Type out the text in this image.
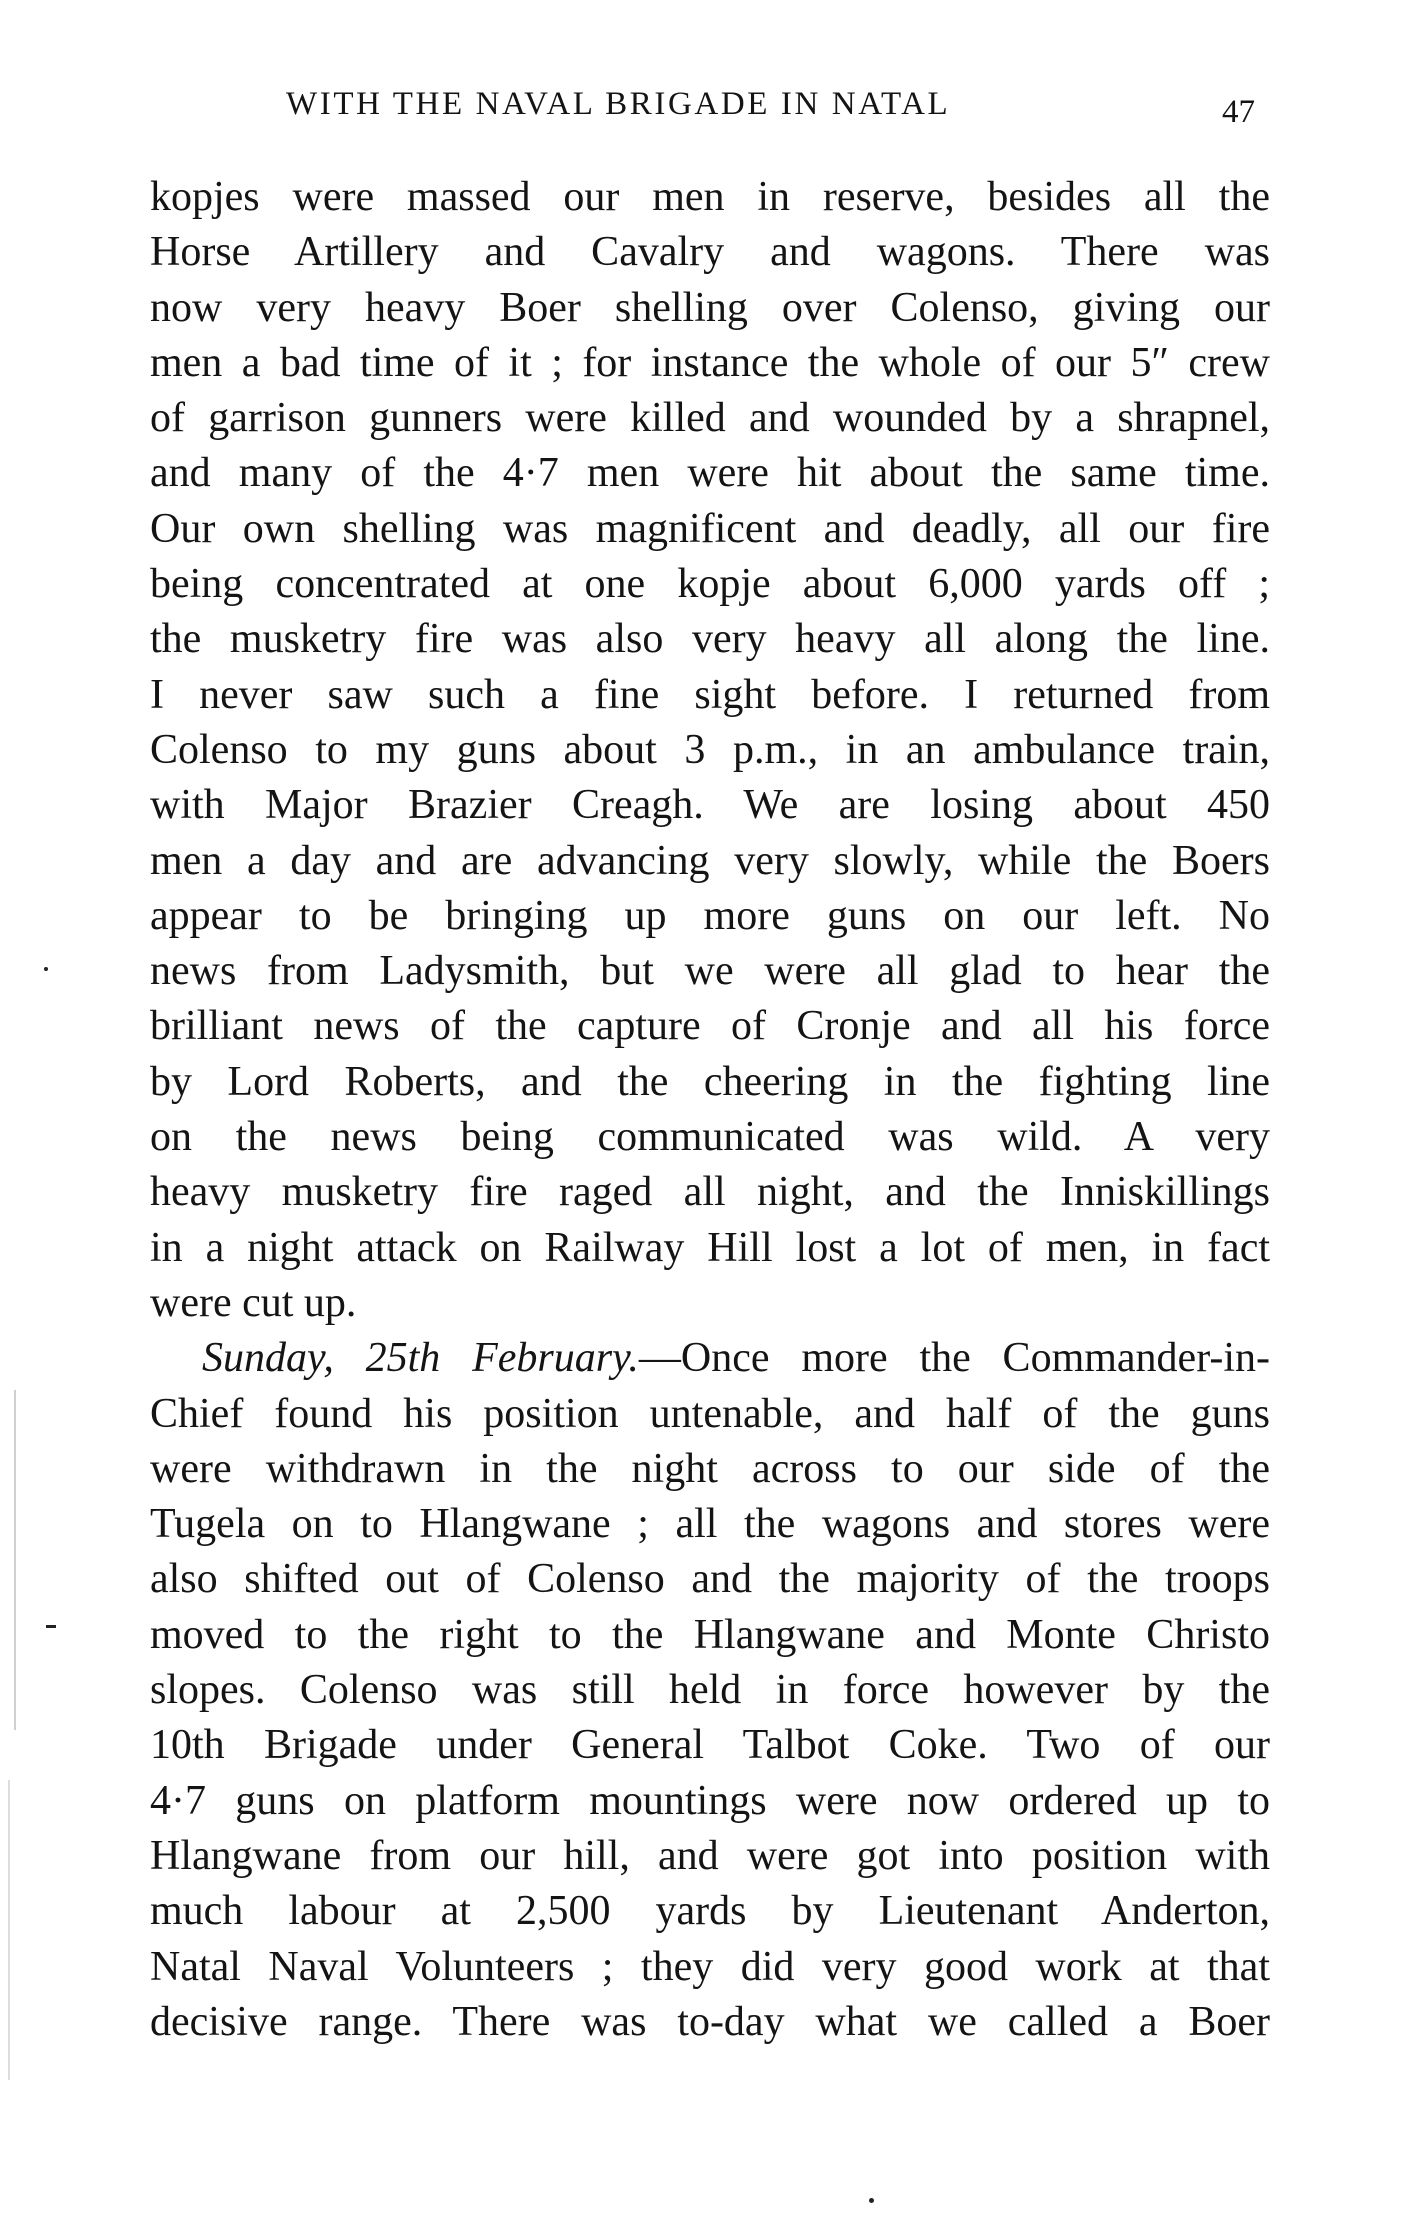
WITH THE NAVAL BRIGADE IN NATAL	47
kopjes were massed our men in reserve, besides all the
Horse Artillery and Cavalry and wagons. There was
now very heavy Boer shelling over Colenso, giving our
men a bad time of it ; for instance the whole of our 5″ crew
of garrison gunners were killed and wounded by a shrapnel,
and many of the 4·7 men were hit about the same time.
Our own shelling was magnificent and deadly, all our fire
being concentrated at one kopje about 6,000 yards off ;
the musketry fire was also very heavy all along the line.
I never saw such a fine sight before. I returned from
Colenso to my guns about 3 p.m., in an ambulance train,
with Major Brazier Creagh. We are losing about 450
men a day and are advancing very slowly, while the Boers
appear to be bringing up more guns on our left. No
news from Ladysmith, but we were all glad to hear the
brilliant news of the capture of Cronje and all his force
by Lord Roberts, and the cheering in the fighting line
on the news being communicated was wild. A very
heavy musketry fire raged all night, and the Inniskillings
in a night attack on Railway Hill lost a lot of men, in fact
were cut up.
Sunday, 25th February.—Once more the Commander-in-
Chief found his position untenable, and half of the guns
were withdrawn in the night across to our side of the
Tugela on to Hlangwane ; all the wagons and stores were
also shifted out of Colenso and the majority of the troops
moved to the right to the Hlangwane and Monte Christo
slopes. Colenso was still held in force however by the
10th Brigade under General Talbot Coke. Two of our
4·7 guns on platform mountings were now ordered up to
Hlangwane from our hill, and were got into position with
much labour at 2,500 yards by Lieutenant Anderton,
Natal Naval Volunteers ; they did very good work at that
decisive range. There was to-day what we called a Boer
